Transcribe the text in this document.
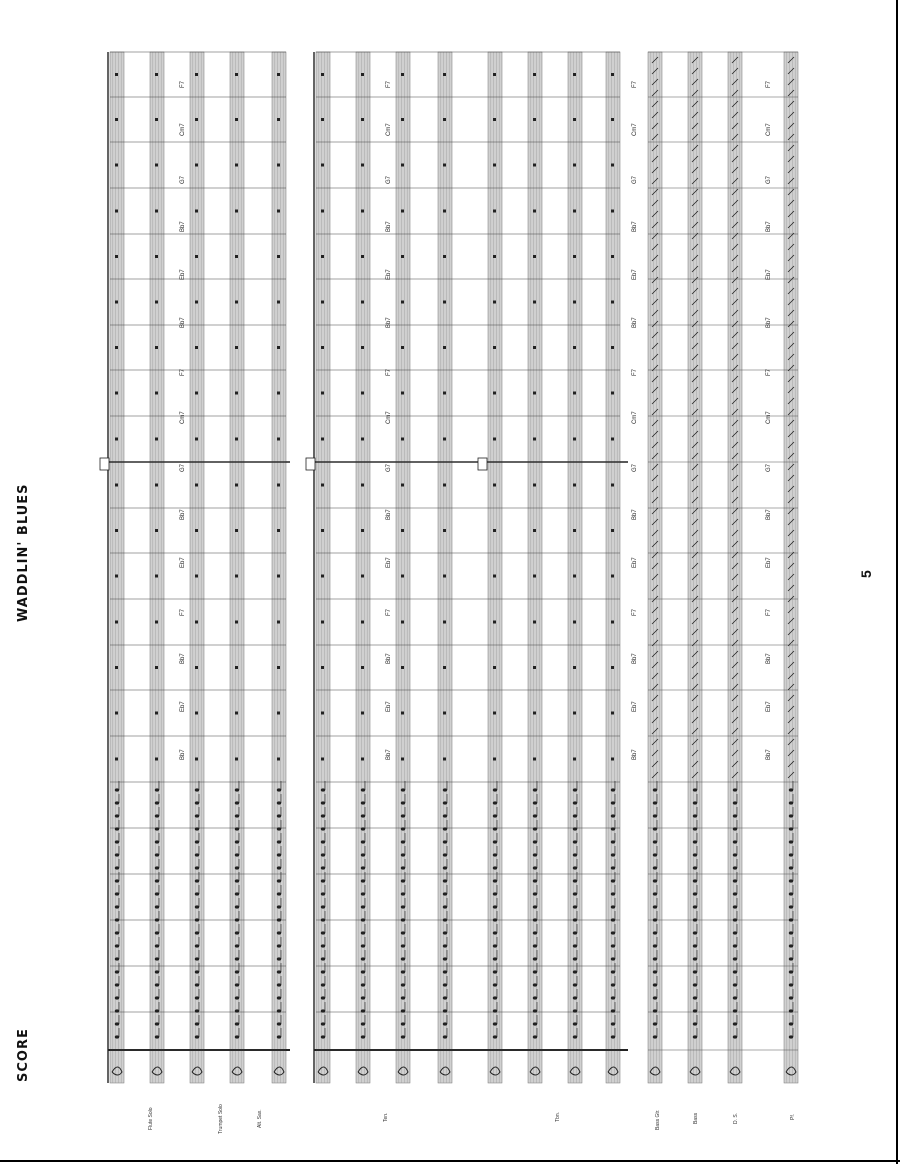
SCORE
WADDLIN' BLUES	5
Flute Solo	Trumpet Solo	Alt. Sax.	Ten.	Tbn.	Bass Gtr.	Bass	D. S.	Pf.
Bb7
Eb7
Bb7
F7
Eb7
Bb7
G7
Cm7
F7
Bb7
Eb7
Bb7
G7
Cm7
F7
Bb7
Eb7
Bb7
F7
Eb7
Bb7
G7
Cm7
F7
Bb7
Eb7
Bb7
G7
Cm7
F7
Bb7
Eb7
Bb7
F7
Eb7
Bb7
G7
Cm7
F7
Bb7
Eb7
Bb7
G7
Cm7
F7
Bb7
Eb7
Bb7
F7
Eb7
Bb7
G7
Cm7
F7
Bb7
Eb7
Bb7
G7
Cm7
F7
